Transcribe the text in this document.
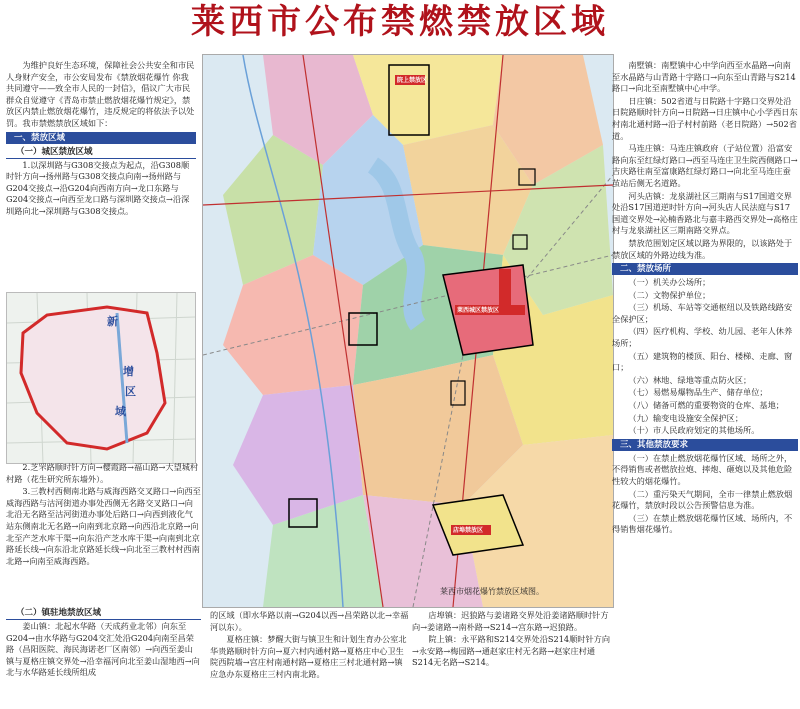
莱西市公布禁燃禁放区域

为维护良好生态环境，保障社会公共安全和市民人身财产安全，市公安局发布《禁放烟花爆竹 你我共同遵守——致全市人民的一封信》，倡议广大市民群众自觉遵守《青岛市禁止燃放烟花爆竹规定》，禁放区内禁止燃放烟花爆竹，违反规定的将依法予以处罚。我市禁燃禁放区域如下：

一、禁放区域
（一）城区禁放区域

1.以深圳路与G308交接点为起点，沿G308顺时针方向→扬州路与G308交接点向南→扬州路与G204交接点→沿G204向西南方向→龙口东路与G204交接点→向西至龙口路与深圳路交接点→沿深圳路向北→深圳路与G308交接点。

新
增
区
域

2.芝罘路顺时针方向→樱霞路→福山路→大望城村村路（花生研究所东墙外）。

3.三教村西侧南北路与威海西路交叉路口→向西至威海西路与沽河街道办事处西侧无名路交叉路口→向北沿无名路至沽河街道办事处后路口→向西到液化气站东侧南北无名路→向南到北京路→向西沿北京路→向北至产芝水库干渠→向东沿产芝水库干渠→向南到北京路延长线→向东沿北京路延长线→向北至三教村村西南北路→向南至威海西路。

（二）镇驻地禁放区域

姜山镇：北起水华路（天成药业北邻）向东至G204→由水华路与G204交汇处沿G204向南至昌荣路（昌阳医院、海民海诺老厂区南邻）→向西至姜山镇与夏格庄镇交界处→沿幸福河向北至姜山湿地西→向北与水华路延长线所组成

院上禁放区
莱西城区禁放区
店埠禁放区
莱西市烟花爆竹禁放区域图。

的区域（即水华路以南→G204以西→昌荣路以北→幸福河以东）。

夏格庄镇：梦醒大街与镇卫生和计划生育办公室北华贵路顺时针方向→夏六村内通村路→夏格庄中心卫生院西院墙→宫庄村南通村路→夏格庄三村北通村路→镇应急办东夏格庄三村内南北路。

店埠镇：迟狼路与姜诸路交界处沿姜诸路顺时针方向→姜诸路→南朴路→S214→宫东路→迟狼路。

院上镇：永平路和S214交界处沿S214顺时针方向→永安路→梅园路→通赵家庄村无名路→赵家庄村通S214无名路→S214。

南墅镇：南墅镇中心中学向西至水晶路→向南至水晶路与山青路十字路口→向东至山青路与S214路口→向北至南墅镇中心中学。

日庄镇：502省道与日院路十字路口交界处沿日院路顺时针方向→日院路→日庄镇中心小学西日东村南北通村路→沿子村村前路（老日院路）→502省道。

马连庄镇：马连庄镇政府（子站位置）沿富安路向东至红绿灯路口→西至马连庄卫生院西侧路口→吉庆路往南至富康路红绿灯路口→向北至马连庄蚕茧站后侧无名道路。

河头店镇：龙泉湖社区三期南与S17国道交界处沿S17国道逆时针方向→河头店人民法庭与S17国道交界处→沁楠香路北与嘉丰路西交界处→高格庄村与龙泉湖社区三期南路交界点。

禁放范围划定区域以路为界限的，以该路处于禁放区域的外路边线为准。

二、禁放场所

（一）机关办公场所；

（二）文物保护单位；

（三）机场、车站等交通枢纽以及铁路线路安全保护区；

（四）医疗机构、学校、幼儿园、老年人休养场所；

（五）建筑物的楼顶、阳台、楼梯、走廊、窗口；

（六）林地、绿地等重点防火区；

（七）易燃易爆物品生产、储存单位；

（八）储备可燃的重要物资的仓库、基地；

（九）输变电设施安全保护区；

（十）市人民政府划定的其他场所。

三、其他禁放要求

（一）在禁止燃放烟花爆竹区域、场所之外，不得销售或者燃放拉炮、摔炮、砸炮以及其他危险性较大的烟花爆竹。

（二）重污染天气期间，全市一律禁止燃放烟花爆竹，禁放时段以公告预警信息为准。

（三）在禁止燃放烟花爆竹区域、场所内，不得销售烟花爆竹。
